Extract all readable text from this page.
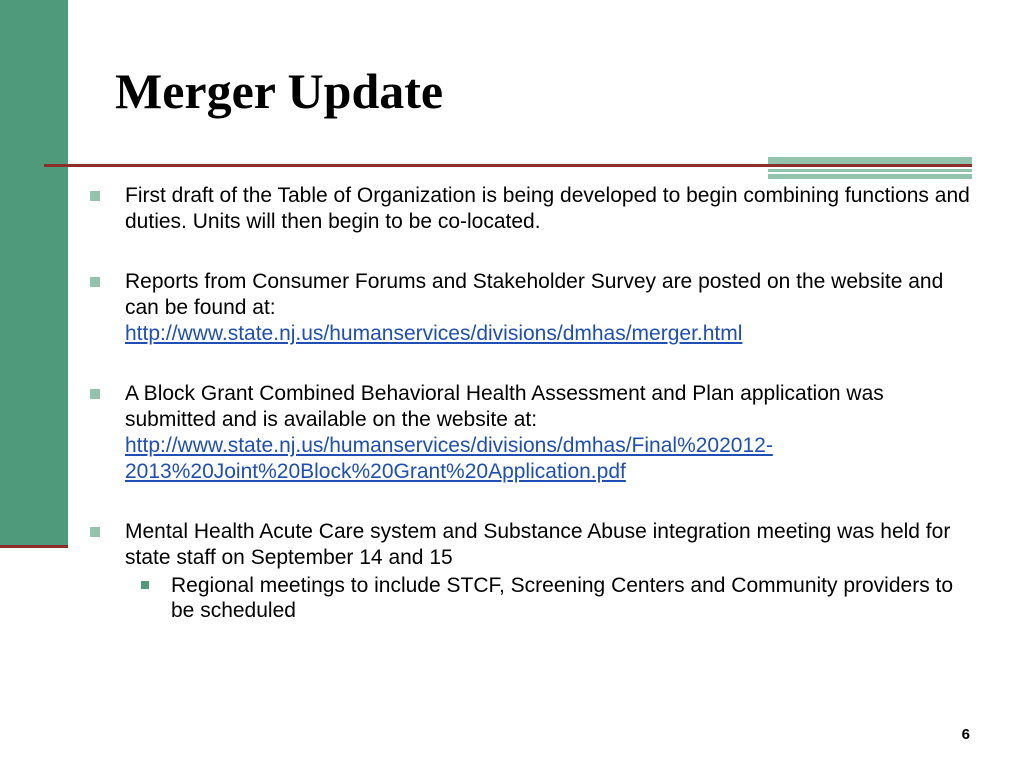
Merger Update
First draft of the Table of Organization is being developed to begin combining functions and duties. Units will then begin to be co-located.
Reports from Consumer Forums and Stakeholder Survey are posted on the website and can be found at:
http://www.state.nj.us/humanservices/divisions/dmhas/merger.html
A Block Grant Combined Behavioral Health Assessment and Plan application was submitted and is available on the website at:
http://www.state.nj.us/humanservices/divisions/dmhas/Final%202012-2013%20Joint%20Block%20Grant%20Application.pdf
Mental Health Acute Care system and Substance Abuse integration meeting was held for state staff on September 14 and 15
Regional meetings to include STCF, Screening Centers and Community providers to be scheduled
6
